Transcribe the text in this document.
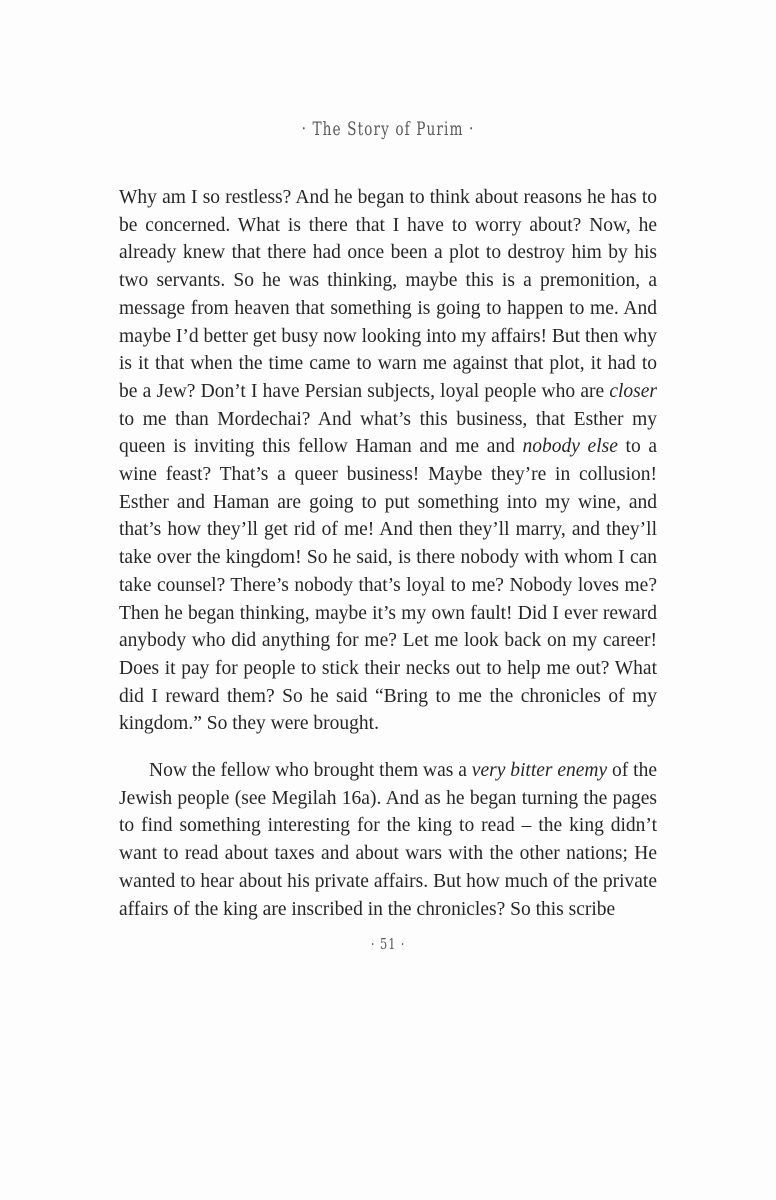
· The Story of Purim ·

Why am I so restless? And he began to think about reasons he has to be concerned. What is there that I have to worry about? Now, he already knew that there had once been a plot to destroy him by his two servants. So he was thinking, maybe this is a premonition, a message from heaven that something is going to happen to me. And maybe I’d better get busy now looking into my affairs! But then why is it that when the time came to warn me against that plot, it had to be a Jew? Don’t I have Persian subjects, loyal people who are closer to me than Mordechai? And what’s this business, that Esther my queen is inviting this fellow Haman and me and nobody else to a wine feast? That’s a queer business! Maybe they’re in collusion! Esther and Haman are going to put something into my wine, and that’s how they’ll get rid of me! And then they’ll marry, and they’ll take over the kingdom! So he said, is there nobody with whom I can take counsel? There’s nobody that’s loyal to me? Nobody loves me? Then he began thinking, maybe it’s my own fault! Did I ever reward anybody who did anything for me? Let me look back on my career! Does it pay for people to stick their necks out to help me out? What did I reward them? So he said “Bring to me the chronicles of my kingdom.” So they were brought.

Now the fellow who brought them was a very bitter enemy of the Jewish people (see Megilah 16a). And as he began turning the pages to find something interesting for the king to read – the king didn’t want to read about taxes and about wars with the other nations; He wanted to hear about his private affairs. But how much of the private affairs of the king are inscribed in the chronicles? So this scribe

· 51 ·
